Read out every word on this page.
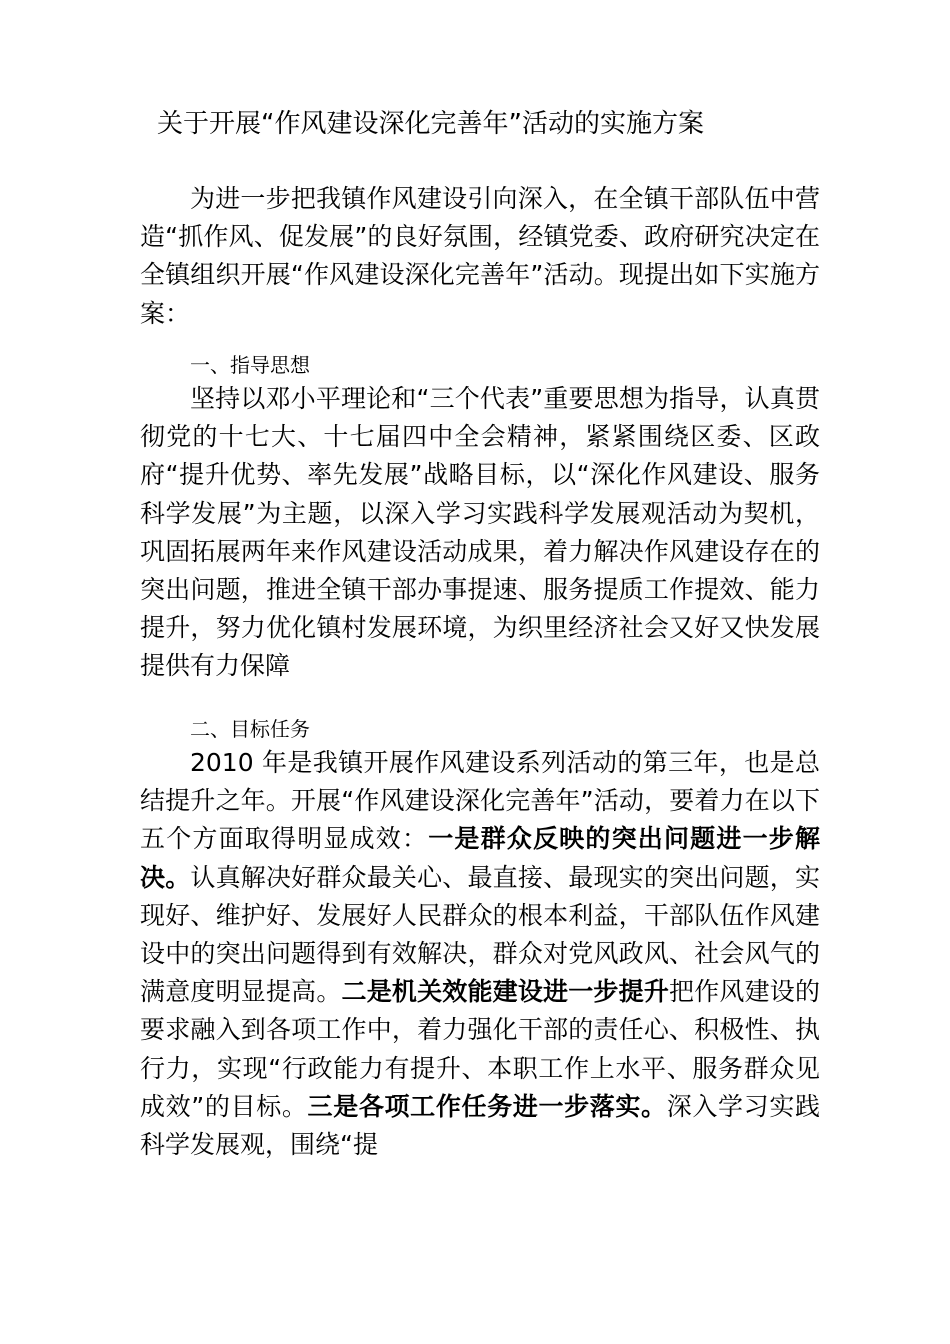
关于开展“作风建设深化完善年”活动的实施方案

为进一步把我镇作风建设引向深入，在全镇干部队伍中营造“抓作风、促发展”的良好氛围，经镇党委、政府研究决定在全镇组织开展“作风建设深化完善年”活动。现提出如下实施方案：

一、指导思想

坚持以邓小平理论和“三个代表”重要思想为指导，认真贯彻党的十七大、十七届四中全会精神，紧紧围绕区委、区政府“提升优势、率先发展”战略目标，以“深化作风建设、服务科学发展”为主题，以深入学习实践科学发展观活动为契机，巩固拓展两年来作风建设活动成果，着力解决作风建设存在的突出问题，推进全镇干部办事提速、服务提质工作提效、能力提升，努力优化镇村发展环境，为织里经济社会又好又快发展提供有力保障

二、目标任务

2010 年是我镇开展作风建设系列活动的第三年，也是总结提升之年。开展“作风建设深化完善年”活动，要着力在以下五个方面取得明显成效：一是群众反映的突出问题进一步解决。认真解决好群众最关心、最直接、最现实的突出问题，实现好、维护好、发展好人民群众的根本利益，干部队伍作风建设中的突出问题得到有效解决，群众对党风政风、社会风气的满意度明显提高。二是机关效能建设进一步提升把作风建设的要求融入到各项工作中，着力强化干部的责任心、积极性、执行力，实现“行政能力有提升、本职工作上水平、服务群众见成效”的目标。三是各项工作任务进一步落实。深入学习实践科学发展观，围绕“提
